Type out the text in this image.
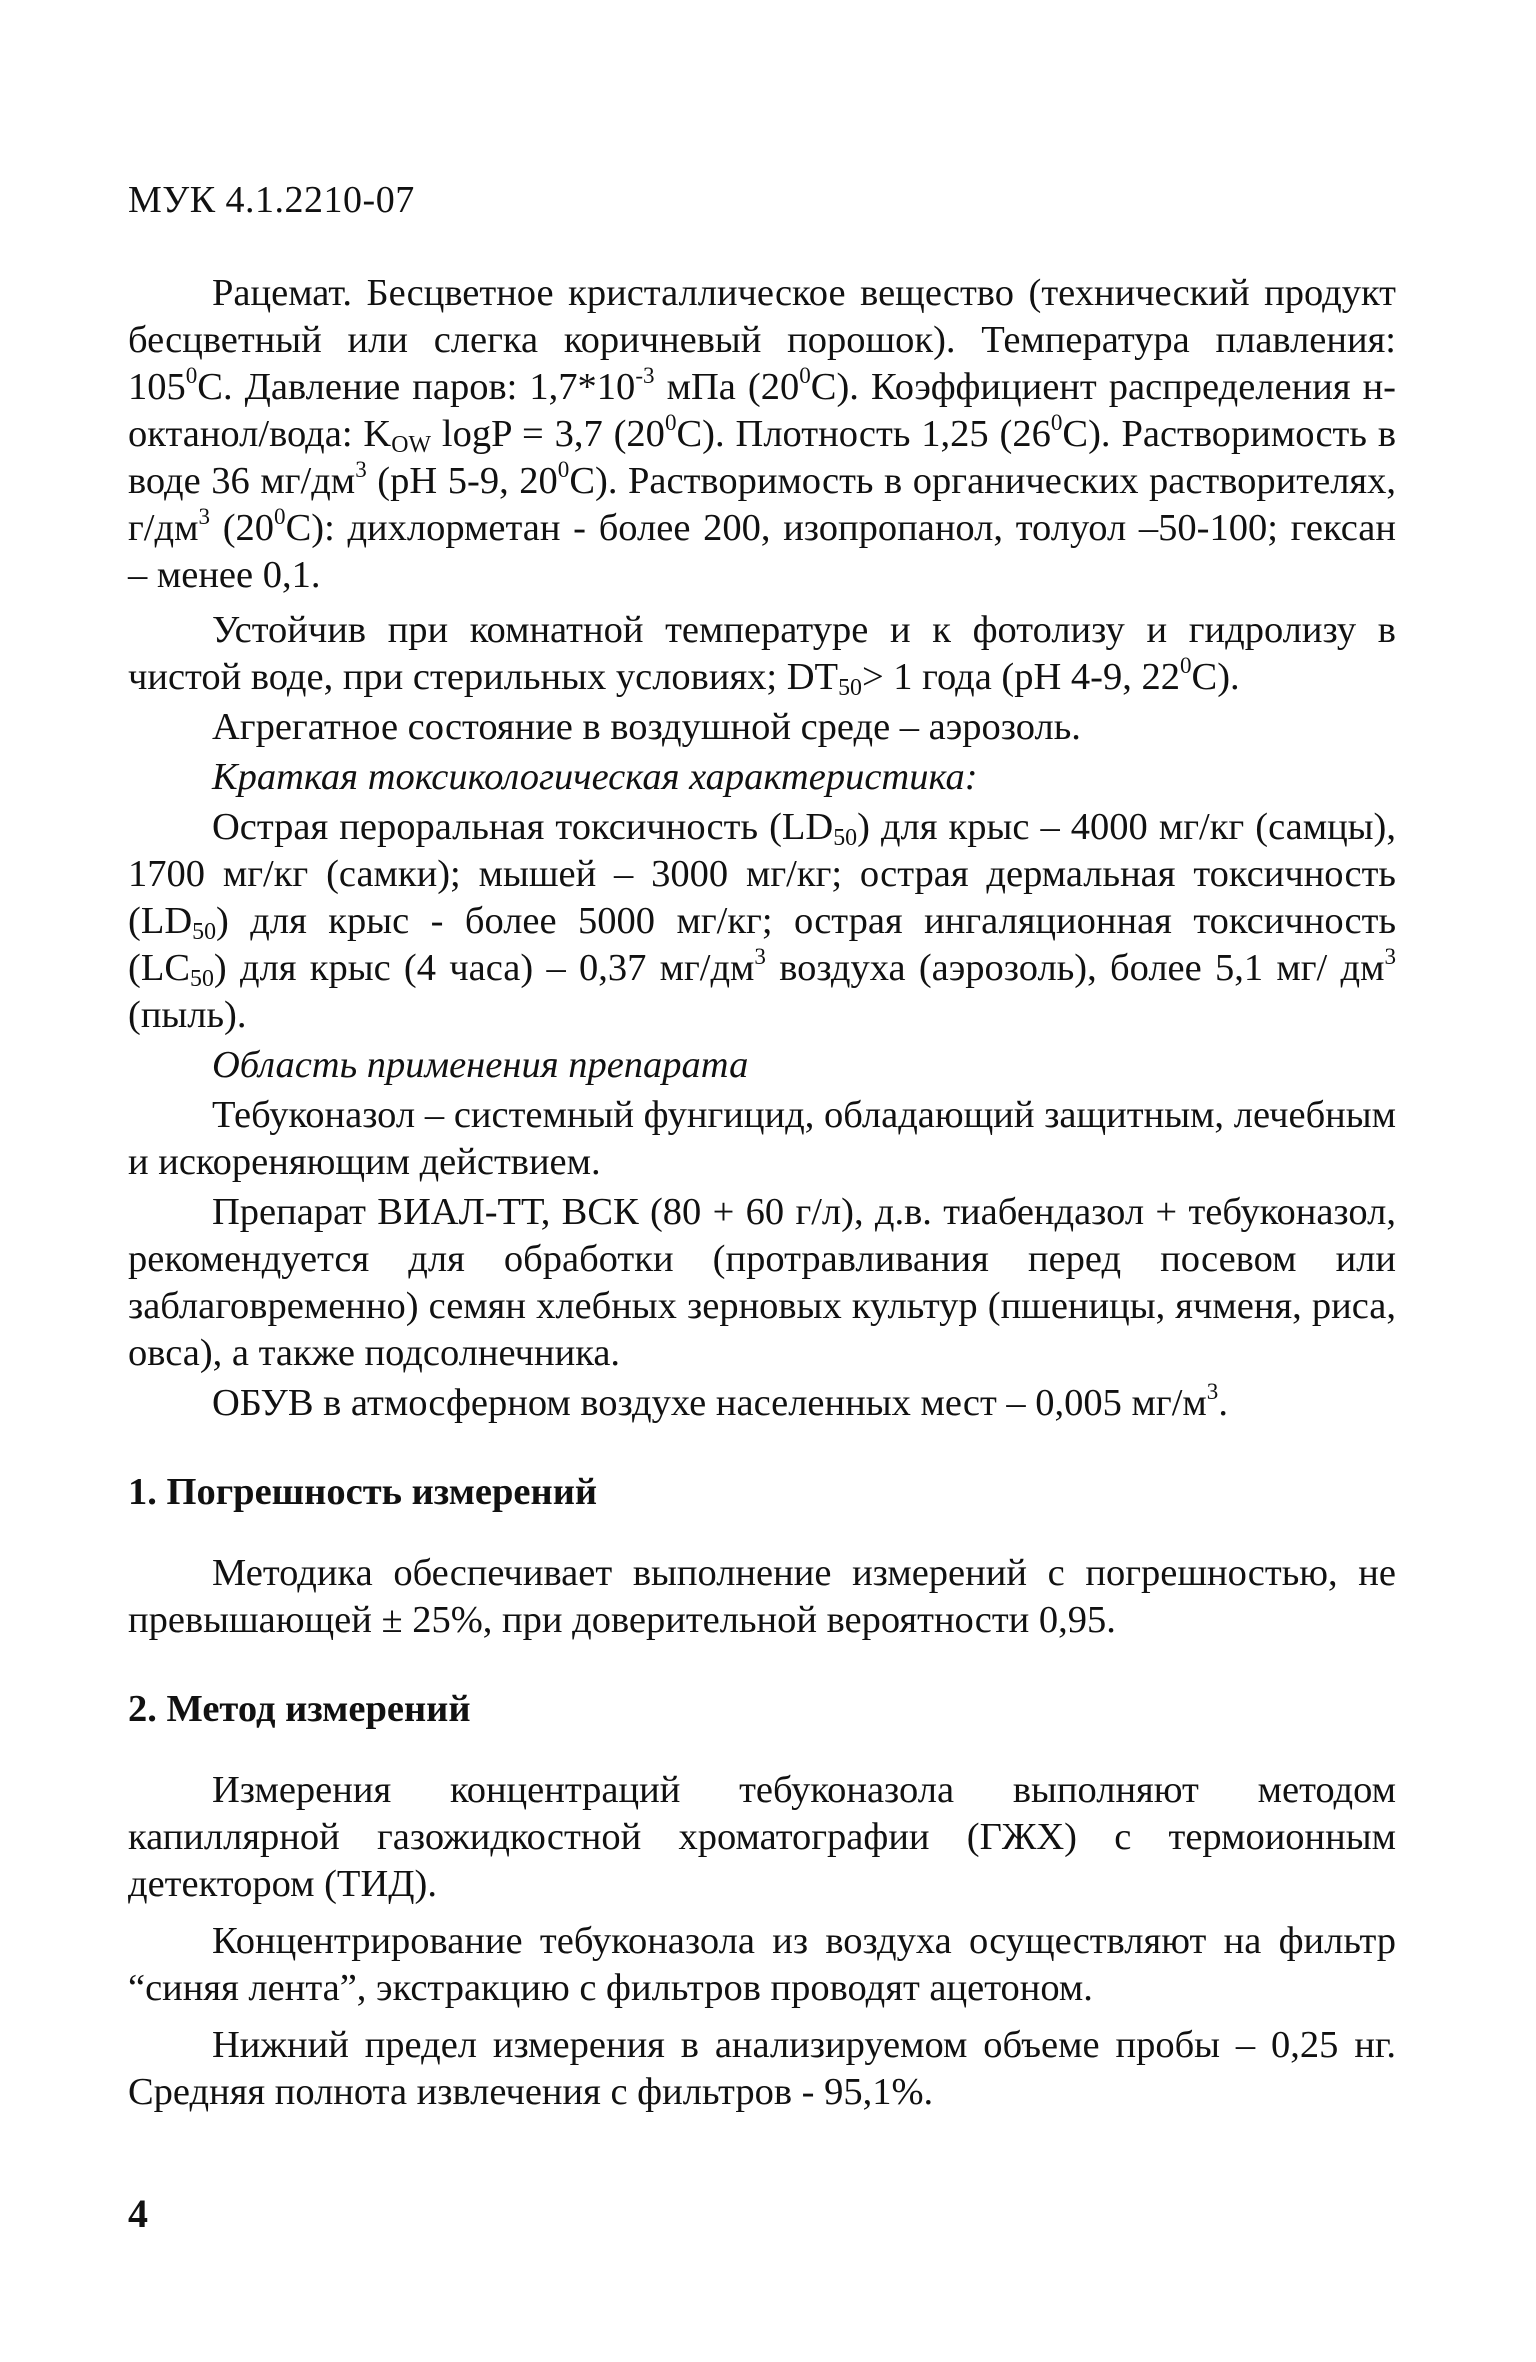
МУК 4.1.2210-07

Рацемат. Бесцветное кристаллическое вещество (технический продукт бесцветный или слегка коричневый порошок). Температура плавления: $105^0С$. Давление паров: $1,7*10^{-3}$ мПа $(20^0С)$. Коэффициент распределения н-октанол/вода: $K_{OW}$ logP = 3,7 $(20^0С)$. Плотность 1,25 $(26^0С)$. Растворимость в воде 36 $мг/дм^3$ (pH 5-9, $20^0С$). Растворимость в органических растворителях, $г/дм^3$ $(20^0С)$: дихлорметан - более 200, изопропанол, толуол –50-100; гексан – менее 0,1.

Устойчив при комнатной температуре и к фотолизу и гидролизу в чистой воде, при стерильных условиях; $DT_{50}> 1$ года (pH 4-9, $22^0С$).

Агрегатное состояние в воздушной среде – аэрозоль.

Краткая токсикологическая характеристика:

Острая пероральная токсичность $(LD_{50})$ для крыс – 4000 мг/кг (самцы), 1700 мг/кг (самки); мышей – 3000 мг/кг; острая дермальная токсичность $(LD_{50})$ для крыс - более 5000 мг/кг; острая ингаляционная токсичность $(LC_{50})$ для крыс (4 часа) – 0,37 $мг/дм^3$ воздуха (аэрозоль), более 5,1 мг/ $дм^3$ (пыль).

Область применения препарата

Тебуконазол – системный фунгицид, обладающий защитным, лечебным и искореняющим действием.

Препарат ВИАЛ-ТТ, ВСК (80 + 60 г/л), д.в. тиабендазол + тебуконазол, рекомендуется для обработки (протравливания перед посевом или заблаговременно) семян хлебных зерновых культур (пшеницы, ячменя, риса, овса), а также подсолнечника.

ОБУВ в атмосферном воздухе населенных мест – 0,005 $мг/м^3$.

1. Погрешность измерений

Методика обеспечивает выполнение измерений с погрешностью, не превышающей ± 25%, при доверительной вероятности 0,95.

2. Метод измерений

Измерения концентраций тебуконазола выполняют методом капиллярной газожидкостной хроматографии (ГЖХ) с термоионным детектором (ТИД).

Концентрирование тебуконазола из воздуха осуществляют на фильтр “синяя лента”, экстракцию с фильтров проводят ацетоном.

Нижний предел измерения в анализируемом объеме пробы – 0,25 нг. Средняя полнота извлечения с фильтров - 95,1%.

4
